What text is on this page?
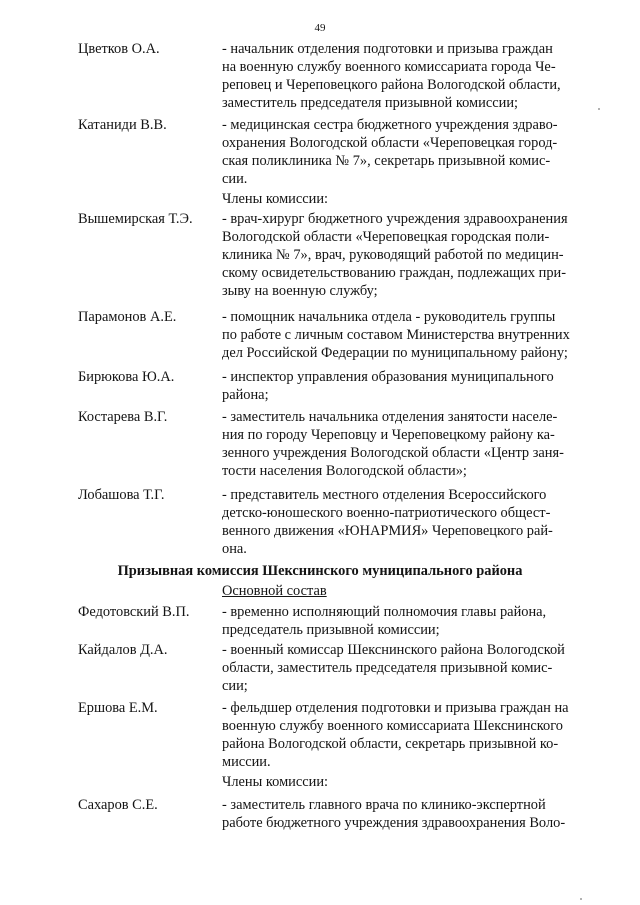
49
Цветков О.А.	- начальник отделения подготовки и призыва граждан
на военную службу военного комиссариата города Че-
реповец и Череповецкого района Вологодской области,
заместитель председателя призывной комиссии;
Катаниди В.В.	- медицинская сестра бюджетного учреждения здраво-
охранения Вологодской области «Череповецкая город-
ская поликлиника № 7», секретарь призывной комис-
сии.
Члены комиссии:
Вышемирская Т.Э. - врач-хирург бюджетного учреждения здравоохранения
Вологодской области «Череповецкая городская поли-
клиника № 7», врач, руководящий работой по медицин-
скому освидетельствованию граждан, подлежащих при-
зыву на военную службу;
Парамонов А.Е.	- помощник начальника отдела - руководитель группы
по работе с личным составом Министерства внутренних
дел Российской Федерации по муниципальному району;
Бирюкова Ю.А.	- инспектор управления образования муниципального
района;
Костарева В.Г.	- заместитель начальника отделения занятости населе-
ния по городу Череповцу и Череповецкому району ка-
зенного учреждения Вологодской области «Центр заня-
тости населения Вологодской области»;
Лобашова Т.Г.	- представитель местного отделения Всероссийского
детско-юношеского военно-патриотического общест-
венного движения «ЮНАРМИЯ» Череповецкого рай-
она.
Призывная комиссия Шекснинского муниципального района
Основной состав
Федотовский В.П. - временно исполняющий полномочия главы района,
председатель призывной комиссии;
Кайдалов Д.А.	- военный комиссар Шекснинского района Вологодской
области, заместитель председателя призывной комис-
сии;
Ершова Е.М.	- фельдшер отделения подготовки и призыва граждан на
военную службу военного комиссариата Шекснинского
района Вологодской области, секретарь призывной ко-
миссии.
Члены комиссии:
Сахаров С.Е.	- заместитель главного врача по клинико-экспертной
работе бюджетного учреждения здравоохранения Воло-
